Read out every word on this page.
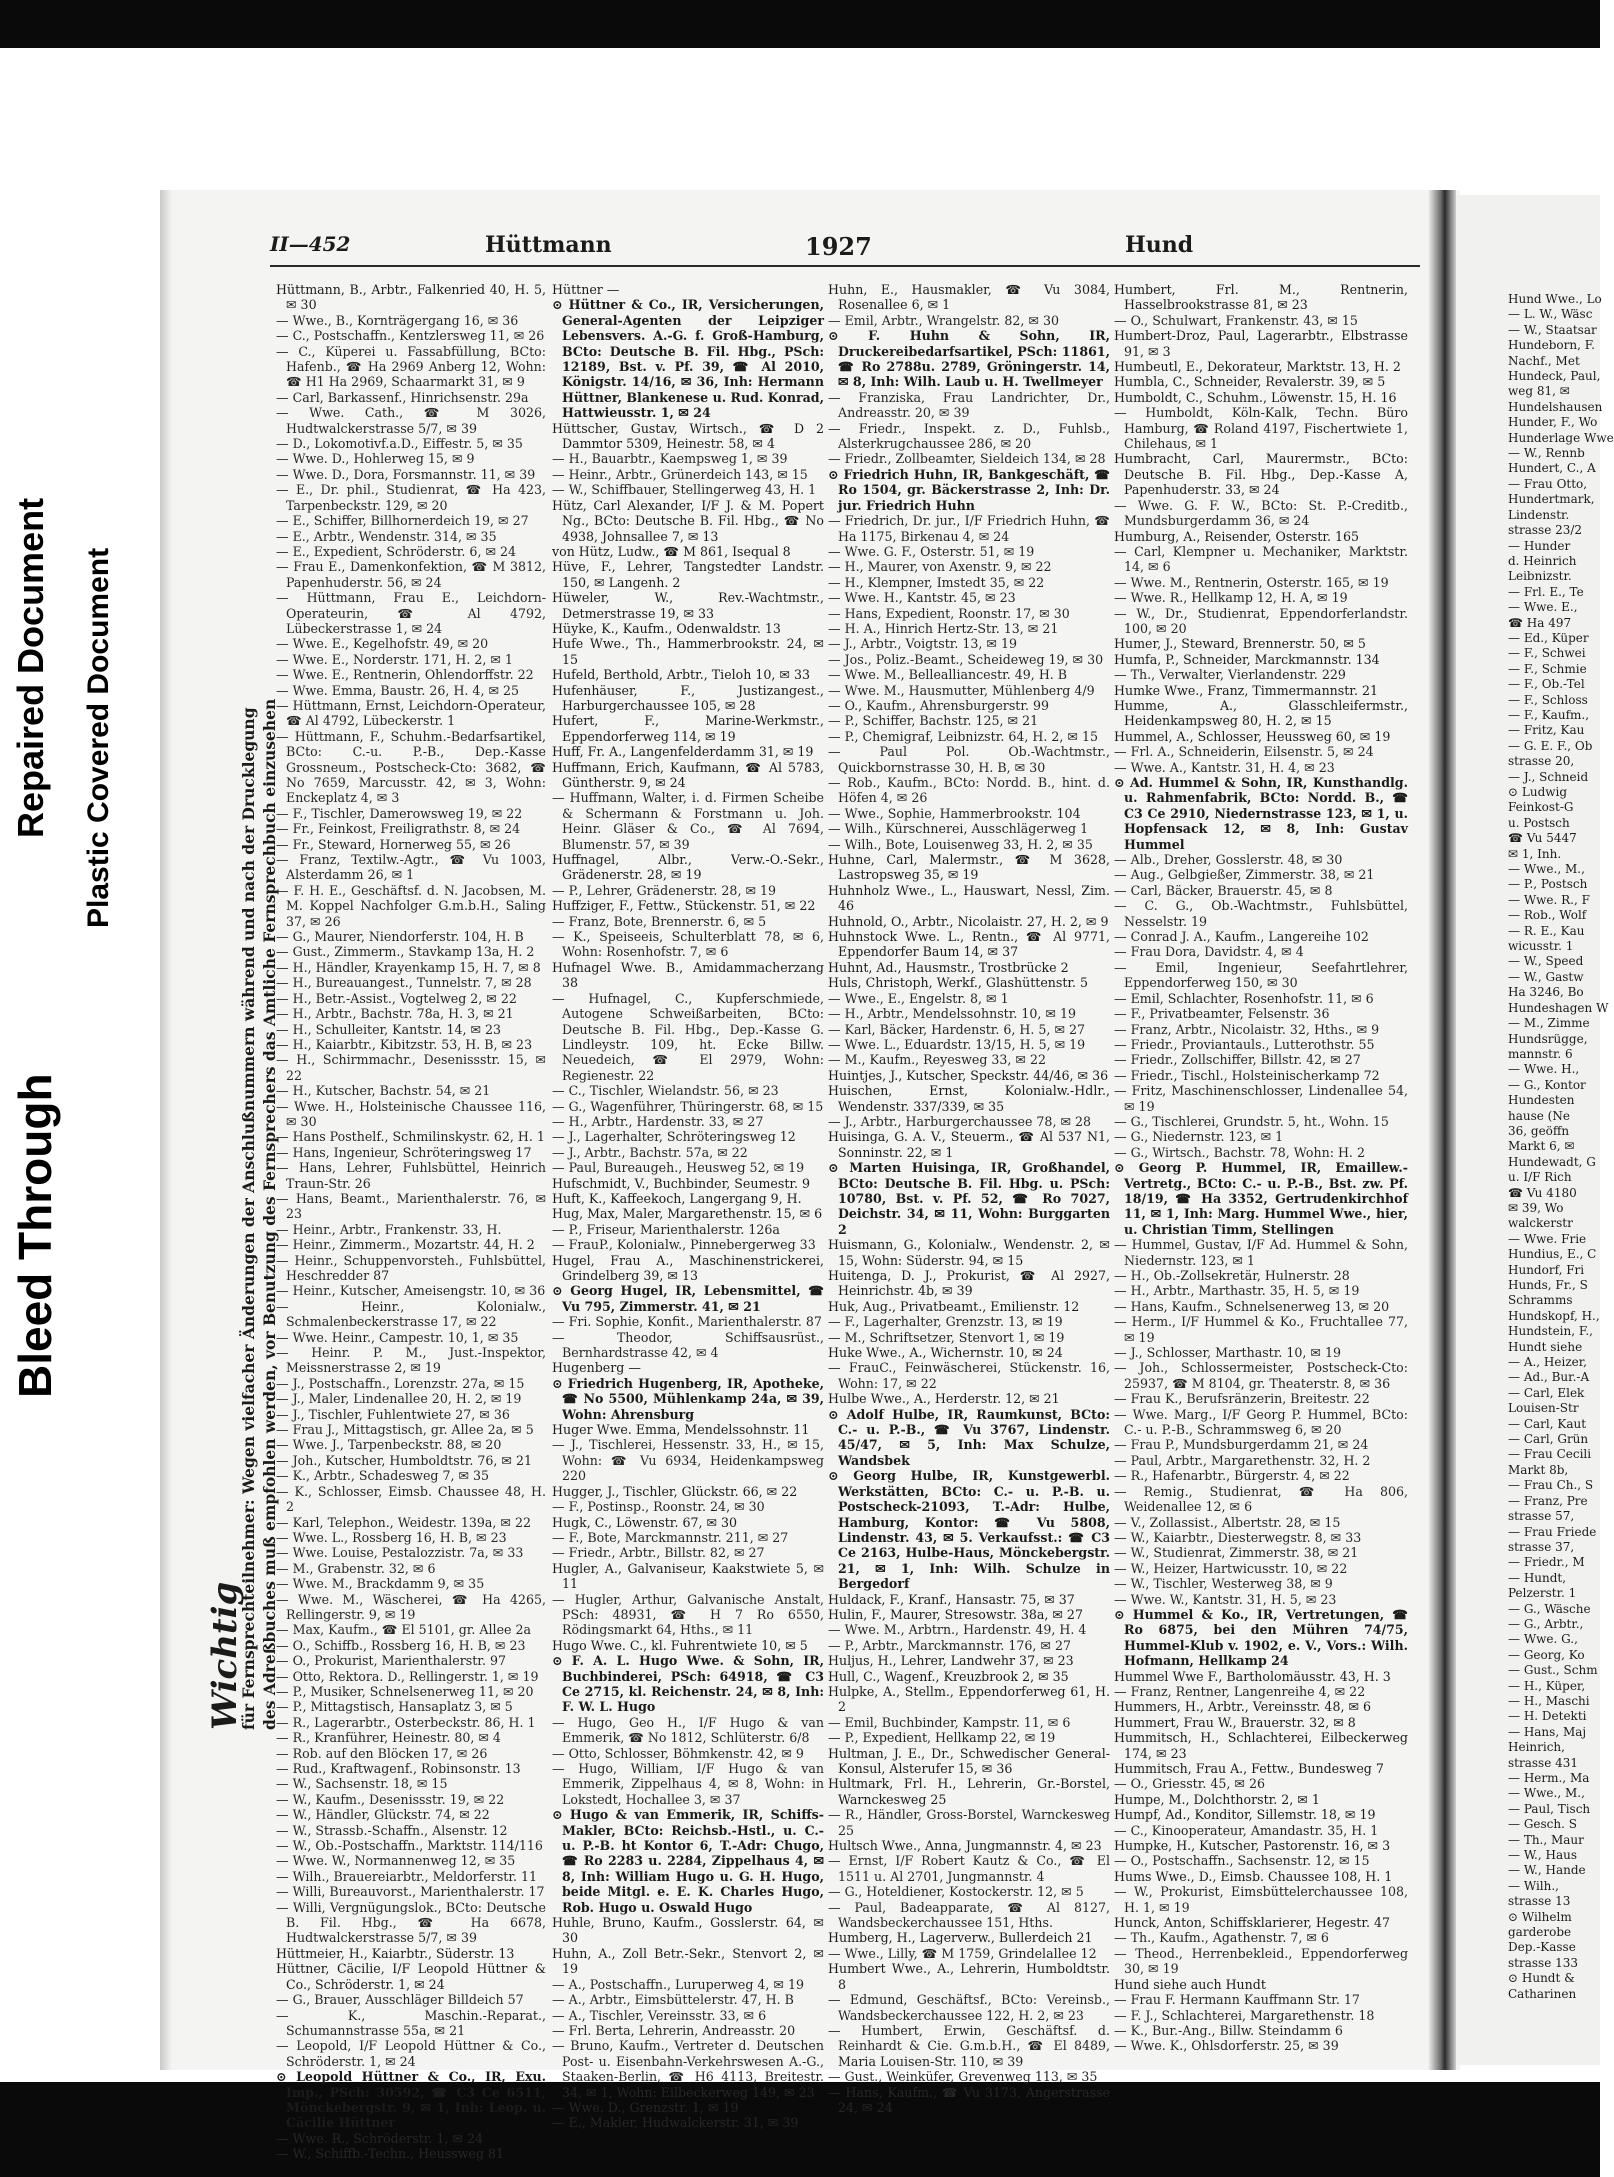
Bleed Through
Repaired Document Plastic Covered Document
II—452	Hüttmann	1927	Hund
Wichtig
für Fernsprechteilnehmer: Wegen vielfacher Änderungen der Anschlußnummern während und nach der Drucklegung des Adreßbuches muß empfohlen werden, vor Benutzung des Fernsprechers das Amtliche Fernsprechbuch einzusehen
Hüttmann, B., Arbtr., Falkenried 40, H. 5, ✉ 30
— Wwe., B., Kornträgergang 16, ✉ 36
— C., Postschaffn., Kentzlersweg 11, ✉ 26
— C., Küperei u. Fassabfüllung, BCto: Hafenb., ☎ Ha 2969 Anberg 12, Wohn: ☎ H1 Ha 2969, Schaarmarkt 31, ✉ 9
— Carl, Barkassenf., Hinrichsenstr. 29a
— Wwe. Cath., ☎ M 3026, Hudtwalckerstrasse 5/7, ✉ 39
— D., Lokomotivf.a.D., Eiffestr. 5, ✉ 35
— Wwe. D., Hohlerweg 15, ✉ 9
— Wwe. D., Dora, Forsmannstr. 11, ✉ 39
— E., Dr. phil., Studienrat, ☎ Ha 423, Tarpenbeckstr. 129, ✉ 20
— E., Schiffer, Billhornerdeich 19, ✉ 27
— E., Arbtr., Wendenstr. 314, ✉ 35
— E., Expedient, Schröderstr. 6, ✉ 24
— Frau E., Damenkonfektion, ☎ M 3812, Papenhuderstr. 56, ✉ 24
— Hüttmann, Frau E., Leichdorn-Operateurin, ☎ Al 4792, Lübeckerstrasse 1, ✉ 24
— Wwe. E., Kegelhofstr. 49, ✉ 20
— Wwe. E., Norderstr. 171, H. 2, ✉ 1
— Wwe. E., Rentnerin, Ohlendorffstr. 22
— Wwe. Emma, Baustr. 26, H. 4, ✉ 25
— Hüttmann, Ernst, Leichdorn-Operateur, ☎ Al 4792, Lübeckerstr. 1
— Hüttmann, F., Schuhm.-Bedarfsartikel, BCto: C.-u. P.-B., Dep.-Kasse Grossneum., Postscheck-Cto: 3682, ☎ No 7659, Marcusstr. 42, ✉ 3, Wohn: Enckeplatz 4, ✉ 3
— F., Tischler, Damerowsweg 19, ✉ 22
— Fr., Feinkost, Freiligrathstr. 8, ✉ 24
— Fr., Steward, Hornerweg 55, ✉ 26
— Franz, Textilw.-Agtr., ☎ Vu 1003, Alsterdamm 26, ✉ 1
— F. H. E., Geschäftsf. d. N. Jacobsen, M. M. Koppel Nachfolger G.m.b.H., Saling 37, ✉ 26
— G., Maurer, Niendorferstr. 104, H. B
— Gust., Zimmerm., Stavkamp 13a, H. 2
— H., Händler, Krayenkamp 15, H. 7, ✉ 8
— H., Bureauangest., Tunnelstr. 7, ✉ 28
— H., Betr.-Assist., Vogtelweg 2, ✉ 22
— H., Arbtr., Bachstr. 78a, H. 3, ✉ 21
— H., Schulleiter, Kantstr. 14, ✉ 23
— H., Kaiarbtr., Kibitzstr. 53, H. B, ✉ 23
— H., Schirmmachr., Desenissstr. 15, ✉ 22
— H., Kutscher, Bachstr. 54, ✉ 21
— Wwe. H., Holsteinische Chaussee 116, ✉ 30
— Hans Posthelf., Schmilinskystr. 62, H. 1
— Hans, Ingenieur, Schröteringsweg 17
— Hans, Lehrer, Fuhlsbüttel, Heinrich Traun-Str. 26
— Hans, Beamt., Marienthalerstr. 76, ✉ 23
— Heinr., Arbtr., Frankenstr. 33, H.
— Heinr., Zimmerm., Mozartstr. 44, H. 2
— Heinr., Schuppenvorsteh., Fuhlsbüttel, Heschredder 87
— Heinr., Kutscher, Ameisengstr. 10, ✉ 36
— Heinr., Kolonialw., Schmalenbeckerstrasse 17, ✉ 22
— Wwe. Heinr., Campestr. 10, 1, ✉ 35
— Heinr. P. M., Just.-Inspektor, Meissnerstrasse 2, ✉ 19
— J., Postschaffn., Lorenzstr. 27a, ✉ 15
— J., Maler, Lindenallee 20, H. 2, ✉ 19
— J., Tischler, Fuhlentwiete 27, ✉ 36
— Frau J., Mittagstisch, gr. Allee 2a, ✉ 5
— Wwe. J., Tarpenbeckstr. 88, ✉ 20
— Joh., Kutscher, Humboldtstr. 76, ✉ 21
— K., Arbtr., Schadesweg 7, ✉ 35
— K., Schlosser, Eimsb. Chaussee 48, H. 2
— Karl, Telephon., Weidestr. 139a, ✉ 22
— Wwe. L., Rossberg 16, H. B, ✉ 23
— Wwe. Louise, Pestalozzistr. 7a, ✉ 33
— M., Grabenstr. 32, ✉ 6
— Wwe. M., Brackdamm 9, ✉ 35
— Wwe. M., Wäscherei, ☎ Ha 4265, Rellingerstr. 9, ✉ 19
— Max, Kaufm., ☎ El 5101, gr. Allee 2a
— O., Schiffb., Rossberg 16, H. B, ✉ 23
— O., Prokurist, Marienthalerstr. 97
— Otto, Rektora. D., Rellingerstr. 1, ✉ 19
— P., Musiker, Schnelsenerweg 11, ✉ 20
— P., Mittagstisch, Hansaplatz 3, ✉ 5
— R., Lagerarbtr., Osterbeckstr. 86, H. 1
— R., Kranführer, Heinestr. 80, ✉ 4
— Rob. auf den Blöcken 17, ✉ 26
— Rud., Kraftwagenf., Robinsonstr. 13
— W., Sachsenstr. 18, ✉ 15
— W., Kaufm., Desenissstr. 19, ✉ 22
— W., Händler, Glückstr. 74, ✉ 22
— W., Strassb.-Schaffn., Alsenstr. 12
— W., Ob.-Postschaffn., Marktstr. 114/116
— Wwe. W., Normannenweg 12, ✉ 35
— Wilh., Brauereiarbtr., Meldorferstr. 11
— Willi, Bureauvorst., Marienthalerstr. 17
— Willi, Vergnügungslok., BCto: Deutsche B. Fil. Hbg., ☎ Ha 6678, Hudtwalckerstrasse 5/7, ✉ 39
Hüttmeier, H., Kaiarbtr., Süderstr. 13
Hüttner, Cäcilie, I/F Leopold Hüttner & Co., Schröderstr. 1, ✉ 24
— G., Brauer, Ausschläger Billdeich 57
— K., Maschin.-Reparat., Schumannstrasse 55a, ✉ 21
— Leopold, I/F Leopold Hüttner & Co., Schröderstr. 1, ✉ 24
⊙ Leopold Hüttner & Co., IR, Exu. Imp., PSch: 30592, ☎ C3 Ce 6511, Mönckebergstr. 9, ✉ 1, Inh: Leop. u. Cäcilie Hüttner
— Wwe. R., Schröderstr. 1, ✉ 24
— W., Schiffb.-Techn., Heussweg 81
Hüttner —
⊙ Hüttner & Co., IR, Versicherungen, General-Agenten der Leipziger Lebensvers. A.-G. f. Groß-Hamburg, BCto: Deutsche B. Fil. Hbg., PSch: 12189, Bst. v. Pf. 39, ☎ Al 2010, Königstr. 14/16, ✉ 36, Inh: Hermann Hüttner, Blankenese u. Rud. Konrad, Hattwieusstr. 1, ✉ 24
Hüttscher, Gustav, Wirtsch., ☎ D 2 Dammtor 5309, Heinestr. 58, ✉ 4
— H., Bauarbtr., Kaempsweg 1, ✉ 39
— Heinr., Arbtr., Grünerdeich 143, ✉ 15
— W., Schiffbauer, Stellingerweg 43, H. 1
Hütz, Carl Alexander, I/F J. & M. Popert Ng., BCto: Deutsche B. Fil. Hbg., ☎ No 4938, Johnsallee 7, ✉ 13
von Hütz, Ludw., ☎ M 861, Isequal 8
Hüve, F., Lehrer, Tangstedter Landstr. 150, ✉ Langenh. 2
Hüweler, W., Rev.-Wachtmstr., Detmerstrasse 19, ✉ 33
Hüyke, K., Kaufm., Odenwaldstr. 13
Hufe Wwe., Th., Hammerbrookstr. 24, ✉ 15
Hufeld, Berthold, Arbtr., Tieloh 10, ✉ 33
Hufenhäuser, F., Justizangest., Harburgerchaussee 105, ✉ 28
Hufert, F., Marine-Werkmstr., Eppendorferweg 114, ✉ 19
Huff, Fr. A., Langenfelderdamm 31, ✉ 19
Huffmann, Erich, Kaufmann, ☎ Al 5783, Güntherstr. 9, ✉ 24
— Huffmann, Walter, i. d. Firmen Scheibe & Schermann & Forstmann u. Joh. Heinr. Gläser & Co., ☎ Al 7694, Blumenstr. 57, ✉ 39
Huffnagel, Albr., Verw.-O.-Sekr., Grädenerstr. 28, ✉ 19
— P., Lehrer, Grädenerstr. 28, ✉ 19
Huffziger, F., Fettw., Stückenstr. 51, ✉ 22
— Franz, Bote, Brennerstr. 6, ✉ 5
— K., Speiseeis, Schulterblatt 78, ✉ 6, Wohn: Rosenhofstr. 7, ✉ 6
Hufnagel Wwe. B., Amidammacherzang 38
— Hufnagel, C., Kupferschmiede, Autogene Schweißarbeiten, BCto: Deutsche B. Fil. Hbg., Dep.-Kasse G. Lindleystr. 109, ht. Ecke Billw. Neuedeich, ☎ El 2979, Wohn: Regienestr. 22
— C., Tischler, Wielandstr. 56, ✉ 23
— G., Wagenführer, Thüringerstr. 68, ✉ 15
— H., Arbtr., Hardenstr. 33, ✉ 27
— J., Lagerhalter, Schröteringsweg 12
— J., Arbtr., Bachstr. 57a, ✉ 22
— Paul, Bureaugeh., Heusweg 52, ✉ 19
Hufschmidt, V., Buchbinder, Seumestr. 9
Huft, K., Kaffeekoch, Langergang 9, H.
Hug, Max, Maler, Margarethenstr. 15, ✉ 6
— P., Friseur, Marienthalerstr. 126a
— FrauP., Kolonialw., Pinnebergerweg 33
Hugel, Frau A., Maschinenstrickerei, Grindelberg 39, ✉ 13
⊙ Georg Hugel, IR, Lebensmittel, ☎ Vu 795, Zimmerstr. 41, ✉ 21
— Fri. Sophie, Konfit., Marienthalerstr. 87
— Theodor, Schiffsausrüst., Bernhardstrasse 42, ✉ 4
Hugenberg —
⊙ Friedrich Hugenberg, IR, Apotheke, ☎ No 5500, Mühlenkamp 24a, ✉ 39, Wohn: Ahrensburg
Huger Wwe. Emma, Mendelssohnstr. 11
— J., Tischlerei, Hessenstr. 33, H., ✉ 15, Wohn: ☎ Vu 6934, Heidenkampsweg 220
Hugger, J., Tischler, Glückstr. 66, ✉ 22
— F., Postinsp., Roonstr. 24, ✉ 30
Hugk, C., Löwenstr. 67, ✉ 30
— F., Bote, Marckmannstr. 211, ✉ 27
— Friedr., Arbtr., Billstr. 82, ✉ 27
Hugler, A., Galvaniseur, Kaakstwiete 5, ✉ 11
— Hugler, Arthur, Galvanische Anstalt, PSch: 48931, ☎ H 7 Ro 6550, Rödingsmarkt 64, Hths., ✉ 11
Hugo Wwe. C., kl. Fuhrentwiete 10, ✉ 5
⊙ F. A. L. Hugo Wwe. & Sohn, IR, Buchbinderei, PSch: 64918, ☎ C3 Ce 2715, kl. Reichenstr. 24, ✉ 8, Inh: F. W. L. Hugo
— Hugo, Geo H., I/F Hugo & van Emmerik, ☎ No 1812, Schlüterstr. 6/8
— Otto, Schlosser, Böhmkenstr. 42, ✉ 9
— Hugo, William, I/F Hugo & van Emmerik, Zippelhaus 4, ✉ 8, Wohn: in Lokstedt, Hochallee 3, ✉ 37
⊙ Hugo & van Emmerik, IR, Schiffs-Makler, BCto: Reichsb.-Hstl., u. C.- u. P.-B. ht Kontor 6, T.-Adr: Chugo, ☎ Ro 2283 u. 2284, Zippelhaus 4, ✉ 8, Inh: William Hugo u. G. H. Hugo, beide Mitgl. e. E. K. Charles Hugo, Rob. Hugo u. Oswald Hugo
Huhle, Bruno, Kaufm., Gosslerstr. 64, ✉ 30
Huhn, A., Zoll Betr.-Sekr., Stenvort 2, ✉ 19
— A., Postschaffn., Luruperweg 4, ✉ 19
— A., Arbtr., Eimsbüttelerstr. 47, H. B
— A., Tischler, Vereinsstr. 33, ✉ 6
— Frl. Berta, Lehrerin, Andreasstr. 20
— Bruno, Kaufm., Vertreter d. Deutschen Post- u. Eisenbahn-Verkehrswesen A.-G., Staaken-Berlin, ☎ H6 4113, Breitestr. 34, ✉ 1, Wohn: Eilbeckerweg 149, ✉ 23
— Wwe. D., Grenzstr. 1, ✉ 19
— E., Makler, Hudwalckerstr. 31, ✉ 39
Huhn, E., Hausmakler, ☎ Vu 3084, Rosenallee 6, ✉ 1
— Emil, Arbtr., Wrangelstr. 82, ✉ 30
⊙ F. Huhn & Sohn, IR, Druckereibedarfsartikel, PSch: 11861, ☎ Ro 2788u. 2789, Gröningerstr. 14, ✉ 8, Inh: Wilh. Laub u. H. Twellmeyer
— Franziska, Frau Landrichter, Dr., Andreasstr. 20, ✉ 39
— Friedr., Inspekt. z. D., Fuhlsb., Alsterkrugchaussee 286, ✉ 20
— Friedr., Zollbeamter, Sieldeich 134, ✉ 28
⊙ Friedrich Huhn, IR, Bankgeschäft, ☎ Ro 1504, gr. Bäckerstrasse 2, Inh: Dr. jur. Friedrich Huhn
— Friedrich, Dr. jur., I/F Friedrich Huhn, ☎ Ha 1175, Birkenau 4, ✉ 24
— Wwe. G. F., Osterstr. 51, ✉ 19
— H., Maurer, von Axenstr. 9, ✉ 22
— H., Klempner, Imstedt 35, ✉ 22
— Wwe. H., Kantstr. 45, ✉ 23
— Hans, Expedient, Roonstr. 17, ✉ 30
— H. A., Hinrich Hertz-Str. 13, ✉ 21
— J., Arbtr., Voigtstr. 13, ✉ 19
— Jos., Poliz.-Beamt., Scheideweg 19, ✉ 30
— Wwe. M., Bellealliancestr. 49, H. B
— Wwe. M., Hausmutter, Mühlenberg 4/9
— O., Kaufm., Ahrensburgerstr. 99
— P., Schiffer, Bachstr. 125, ✉ 21
— P., Chemigraf, Leibnizstr. 64, H. 2, ✉ 15
— Paul Pol. Ob.-Wachtmstr., Quickbornstrasse 30, H. B, ✉ 30
— Rob., Kaufm., BCto: Nordd. B., hint. d. Höfen 4, ✉ 26
— Wwe., Sophie, Hammerbrookstr. 104
— Wilh., Kürschnerei, Ausschlägerweg 1
— Wilh., Bote, Louisenweg 33, H. 2, ✉ 35
Huhne, Carl, Malermstr., ☎ M 3628, Lastropsweg 35, ✉ 19
Huhnholz Wwe., L., Hauswart, Nessl, Zim. 46
Huhnold, O., Arbtr., Nicolaistr. 27, H. 2, ✉ 9
Huhnstock Wwe. L., Rentn., ☎ Al 9771, Eppendorfer Baum 14, ✉ 37
Huhnt, Ad., Hausmstr., Trostbrücke 2
Huls, Christoph, Werkf., Glashüttenstr. 5
— Wwe., E., Engelstr. 8, ✉ 1
— H., Arbtr., Mendelssohnstr. 10, ✉ 19
— Karl, Bäcker, Hardenstr. 6, H. 5, ✉ 27
— Wwe. L., Eduardstr. 13/15, H. 5, ✉ 19
— M., Kaufm., Reyesweg 33, ✉ 22
Huintjes, J., Kutscher, Speckstr. 44/46, ✉ 36
Huischen, Ernst, Kolonialw.-Hdlr., Wendenstr. 337/339, ✉ 35
— J., Arbtr., Harburgerchaussee 78, ✉ 28
Huisinga, G. A. V., Steuerm., ☎ Al 537 N1, Sonninstr. 22, ✉ 1
⊙ Marten Huisinga, IR, Großhandel, BCto: Deutsche B. Fil. Hbg. u. PSch: 10780, Bst. v. Pf. 52, ☎ Ro 7027, Deichstr. 34, ✉ 11, Wohn: Burggarten 2
Huismann, G., Kolonialw., Wendenstr. 2, ✉ 15, Wohn: Süderstr. 94, ✉ 15
Huitenga, D. J., Prokurist, ☎ Al 2927, Heinrichstr. 4b, ✉ 39
Huk, Aug., Privatbeamt., Emilienstr. 12
— F., Lagerhalter, Grenzstr. 13, ✉ 19
— M., Schriftsetzer, Stenvort 1, ✉ 19
Huke Wwe., A., Wichernstr. 10, ✉ 24
— FrauC., Feinwäscherei, Stückenstr. 16, Wohn: 17, ✉ 22
Hulbe Wwe., A., Herderstr. 12, ✉ 21
⊙ Adolf Hulbe, IR, Raumkunst, BCto: C.- u. P.-B., ☎ Vu 3767, Lindenstr. 45/47, ✉ 5, Inh: Max Schulze, Wandsbek
⊙ Georg Hulbe, IR, Kunstgewerbl. Werkstätten, BCto: C.- u. P.-B. u. Postscheck-21093, T.-Adr: Hulbe, Hamburg, Kontor: ☎ Vu 5808, Lindenstr. 43, ✉ 5. Verkaufsst.: ☎ C3 Ce 2163, Hulbe-Haus, Mönckebergstr. 21, ✉ 1, Inh: Wilh. Schulze in Bergedorf
Huldack, F., Kranf., Hansastr. 75, ✉ 37
Hulin, F., Maurer, Stresowstr. 38a, ✉ 27
— Wwe. M., Arbtrn., Hardenstr. 49, H. 4
— P., Arbtr., Marckmannstr. 176, ✉ 27
Huljus, H., Lehrer, Landwehr 37, ✉ 23
Hull, C., Wagenf., Kreuzbrook 2, ✉ 35
Hulpke, A., Stellm., Eppendorferweg 61, H. 2
— Emil, Buchbinder, Kampstr. 11, ✉ 6
— P., Expedient, Hellkamp 22, ✉ 19
Hultman, J. E., Dr., Schwedischer General-Konsul, Alsterufer 15, ✉ 36
Hultmark, Frl. H., Lehrerin, Gr.-Borstel, Warnckesweg 25
— R., Händler, Gross-Borstel, Warnckesweg 25
Hultsch Wwe., Anna, Jungmannstr. 4, ✉ 23
— Ernst, I/F Robert Kautz & Co., ☎ El 1511 u. Al 2701, Jungmannstr. 4
— G., Hoteldiener, Kostockerstr. 12, ✉ 5
— Paul, Badeapparate, ☎ Al 8127, Wandsbeckerchaussee 151, Hths.
Humberg, H., Lagerverw., Bullerdeich 21
— Wwe., Lilly, ☎ M 1759, Grindelallee 12
Humbert Wwe., A., Lehrerin, Humboldtstr. 8
— Edmund, Geschäftsf., BCto: Vereinsb., Wandsbeckerchaussee 122, H. 2, ✉ 23
— Humbert, Erwin, Geschäftsf. d. Reinhardt & Cie. G.m.b.H., ☎ El 8489, Maria Louisen-Str. 110, ✉ 39
— Gust., Weinküfer, Grevenweg 113, ✉ 35
— Hans, Kaufm., ☎ Vu 3173, Angerstrasse 24, ✉ 24
Humbert, Frl. M., Rentnerin, Hasselbrookstrasse 81, ✉ 23
— O., Schulwart, Frankenstr. 43, ✉ 15
Humbert-Droz, Paul, Lagerarbtr., Elbstrasse 91, ✉ 3
Humbeutl, E., Dekorateur, Marktstr. 13, H. 2
Humbla, C., Schneider, Revalerstr. 39, ✉ 5
Humboldt, C., Schuhm., Löwenstr. 15, H. 16
— Humboldt, Köln-Kalk, Techn. Büro Hamburg, ☎ Roland 4197, Fischertwiete 1, Chilehaus, ✉ 1
Humbracht, Carl, Maurermstr., BCto: Deutsche B. Fil. Hbg., Dep.-Kasse A, Papenhuderstr. 33, ✉ 24
— Wwe. G. F. W., BCto: St. P.-Creditb., Mundsburgerdamm 36, ✉ 24
Humburg, A., Reisender, Osterstr. 165
— Carl, Klempner u. Mechaniker, Marktstr. 14, ✉ 6
— Wwe. M., Rentnerin, Osterstr. 165, ✉ 19
— Wwe. R., Hellkamp 12, H. A, ✉ 19
— W., Dr., Studienrat, Eppendorferlandstr. 100, ✉ 20
Humer, J., Steward, Brennerstr. 50, ✉ 5
Humfa, P., Schneider, Marckmannstr. 134
— Th., Verwalter, Vierlandenstr. 229
Humke Wwe., Franz, Timmermannstr. 21
Humme, A., Glasschleifermstr., Heidenkampsweg 80, H. 2, ✉ 15
Hummel, A., Schlosser, Heussweg 60, ✉ 19
— Frl. A., Schneiderin, Eilsenstr. 5, ✉ 24
— Wwe. A., Kantstr. 31, H. 4, ✉ 23
⊙ Ad. Hummel & Sohn, IR, Kunsthandlg. u. Rahmenfabrik, BCto: Nordd. B., ☎ C3 Ce 2910, Niedernstrasse 123, ✉ 1, u. Hopfensack 12, ✉ 8, Inh: Gustav Hummel
— Alb., Dreher, Gosslerstr. 48, ✉ 30
— Aug., Gelbgießer, Zimmerstr. 38, ✉ 21
— Carl, Bäcker, Brauerstr. 45, ✉ 8
— C. G., Ob.-Wachtmstr., Fuhlsbüttel, Nesselstr. 19
— Conrad J. A., Kaufm., Langereihe 102
— Frau Dora, Davidstr. 4, ✉ 4
— Emil, Ingenieur, Seefahrtlehrer, Eppendorferweg 150, ✉ 30
— Emil, Schlachter, Rosenhofstr. 11, ✉ 6
— F., Privatbeamter, Felsenstr. 36
— Franz, Arbtr., Nicolaistr. 32, Hths., ✉ 9
— Friedr., Proviantauls., Lutterothstr. 55
— Friedr., Zollschiffer, Billstr. 42, ✉ 27
— Friedr., Tischl., Holsteinischerkamp 72
— Fritz, Maschinenschlosser, Lindenallee 54, ✉ 19
— G., Tischlerei, Grundstr. 5, ht., Wohn. 15
— G., Niedernstr. 123, ✉ 1
— G., Wirtsch., Bachstr. 78, Wohn: H. 2
⊙ Georg P. Hummel, IR, Emaillew.-Vertretg., BCto: C.- u. P.-B., Bst. zw. Pf. 18/19, ☎ Ha 3352, Gertrudenkirchhof 11, ✉ 1, Inh: Marg. Hummel Wwe., hier, u. Christian Timm, Stellingen
— Hummel, Gustav, I/F Ad. Hummel & Sohn, Niedernstr. 123, ✉ 1
— H., Ob.-Zollsekretär, Hulnerstr. 28
— H., Arbtr., Marthastr. 35, H. 5, ✉ 19
— Hans, Kaufm., Schnelsenerweg 13, ✉ 20
— Herm., I/F Hummel & Ko., Fruchtallee 77, ✉ 19
— J., Schlosser, Marthastr. 10, ✉ 19
— Joh., Schlossermeister, Postscheck-Cto: 25937, ☎ M 8104, gr. Theaterstr. 8, ✉ 36
— Frau K., Berufsränzerin, Breitestr. 22
— Wwe. Marg., I/F Georg P. Hummel, BCto: C.- u. P.-B., Schrammsweg 6, ✉ 20
— Frau P., Mundsburgerdamm 21, ✉ 24
— Paul, Arbtr., Margarethenstr. 32, H. 2
— R., Hafenarbtr., Bürgerstr. 4, ✉ 22
— Remig., Studienrat, ☎ Ha 806, Weidenallee 12, ✉ 6
— V., Zollassist., Albertstr. 28, ✉ 15
— W., Kaiarbtr., Diesterwegstr. 8, ✉ 33
— W., Studienrat, Zimmerstr. 38, ✉ 21
— W., Heizer, Hartwicusstr. 10, ✉ 22
— W., Tischler, Westerweg 38, ✉ 9
— Wwe. W., Kantstr. 31, H. 5, ✉ 23
⊙ Hummel & Ko., IR, Vertretungen, ☎ Ro 6875, bei den Mühren 74/75, Hummel-Klub v. 1902, e. V., Vors.: Wilh. Hofmann, Hellkamp 24
Hummel Wwe F., Bartholomäusstr. 43, H. 3
— Franz, Rentner, Langenreihe 4, ✉ 22
Hummers, H., Arbtr., Vereinsstr. 48, ✉ 6
Hummert, Frau W., Brauerstr. 32, ✉ 8
Hummitsch, H., Schlachterei, Eilbeckerweg 174, ✉ 23
Hummitsch, Frau A., Fettw., Bundesweg 7
— O., Griesstr. 45, ✉ 26
Humpe, M., Dolchthorstr. 2, ✉ 1
Humpf, Ad., Konditor, Sillemstr. 18, ✉ 19
— C., Kinooperateur, Amandastr. 35, H. 1
Humpke, H., Kutscher, Pastorenstr. 16, ✉ 3
— O., Postschaffn., Sachsenstr. 12, ✉ 15
Hums Wwe., D., Eimsb. Chaussee 108, H. 1
— W., Prokurist, Eimsbüttelerchaussee 108, H. 1, ✉ 19
Hunck, Anton, Schiffsklarierer, Hegestr. 47
— Th., Kaufm., Agathenstr. 7, ✉ 6
— Theod., Herrenbekleid., Eppendorferweg 30, ✉ 19
Hund siehe auch Hundt
— Frau F. Hermann Kauffmann Str. 17
— F. J., Schlachterei, Margarethenstr. 18
— K., Bur.-Ang., Billw. Steindamm 6
— Wwe. K., Ohlsdorferstr. 25, ✉ 39
Hund Wwe., Lo
— L. W., Wäsc
— W., Staatsar
Hundeborn, F.
Nachf., Met
Hundeck, Paul,
weg 81, ✉
Hundelshausen
Hunder, F., Wo
Hunderlage Wwe
— W., Rennb
Hundert, C., A
— Frau Otto,
Hundertmark,
Lindenstr.
strasse 23/2
— Hunder
d. Heinrich
Leibnizstr.
— Frl. E., Te
— Wwe. E.,
☎ Ha 497
— Ed., Küper
— F., Schwei
— F., Schmie
— F., Ob.-Tel
— F., Schloss
— F., Kaufm.,
— Fritz, Kau
— G. E. F., Ob
strasse 20,
— J., Schneid
⊙ Ludwig
Feinkost-G
u. Postsch
☎ Vu 5447
✉ 1, Inh.
— Wwe., M.,
— P., Postsch
— Wwe. R., F
— Rob., Wolf
— R. E., Kau
wicusstr. 1
— W., Speed
— W., Gastw
Ha 3246, Bo
Hundeshagen W
— M., Zimme
Hundsrügge,
mannstr. 6
— Wwe. H.,
— G., Kontor
Hundesten
hause (Ne
36, geöffn
Markt 6, ✉
Hundewadt, G
u. I/F Rich
☎ Vu 4180
✉ 39, Wo
walckerstr
— Wwe. Frie
Hundius, E., C
Hundorf, Fri
Hunds, Fr., S
Schramms
Hundskopf, H.,
Hundstein, F.,
Hundt siehe
— A., Heizer,
— Ad., Bur.-A
— Carl, Elek
Louisen-Str
— Carl, Kaut
— Carl, Grün
— Frau Cecili
Markt 8b,
— Frau Ch., S
— Franz, Pre
strasse 57,
— Frau Friede
strasse 37,
— Friedr., M
— Hundt,
Pelzerstr. 1
— G., Wäsche
— G., Arbtr.,
— Wwe. G.,
— Georg, Ko
— Gust., Schm
— H., Küper,
— H., Maschi
— H. Detekti
— Hans, Maj
Heinrich,
strasse 431
— Herm., Ma
— Wwe., M.,
— Paul, Tisch
— Gesch. S
— Th., Maur
— W., Haus
— W., Hande
— Wilh.,
strasse 13
⊙ Wilhelm
garderobe
Dep.-Kasse
strasse 133
⊙ Hundt &
Catharinen
